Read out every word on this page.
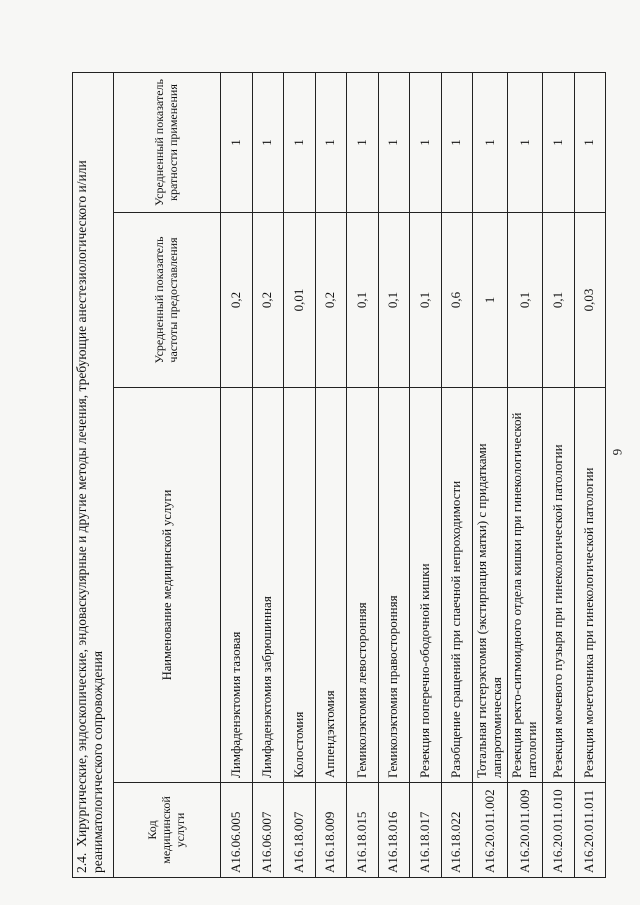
6
2.4.Хирургические, эндоскопические, эндоваскулярные и другие методы лечения, требующие анестезиологического и/или реаниматологического сопровождения			
Код медицинской услуги	Наименование медицинской услуги	Усредненный показатель частоты предоставления	Усредненный показатель кратности применения
A16.06.005	Лимфаденэктомия тазовая	0,2	1
A16.06.007	Лимфаденэктомия забрюшинная	0,2	1
A16.18.007	Колостомия	0,01	1
A16.18.009	Аппендэктомия	0,2	1
A16.18.015	Гемиколэктомия левосторонняя	0,1	1
A16.18.016	Гемиколэктомия правосторонняя	0,1	1
A16.18.017	Резекция поперечно-ободочной кишки	0,1	1
A16.18.022	Разобщение сращений при спаечной непроходимости	0,6	1
A16.20.011.002	Тотальная гистерэктомия (экстирпация матки) с придатками лапаротомическая	1	1
A16.20.011.009	Резекция ректо-сигмоидного отдела кишки при гинекологической патологии	0,1	1
A16.20.011.010	Резекция мочевого пузыря при гинекологической патологии	0,1	1
A16.20.011.011	Резекция мочеточника при гинекологической патологии	0,03	1
